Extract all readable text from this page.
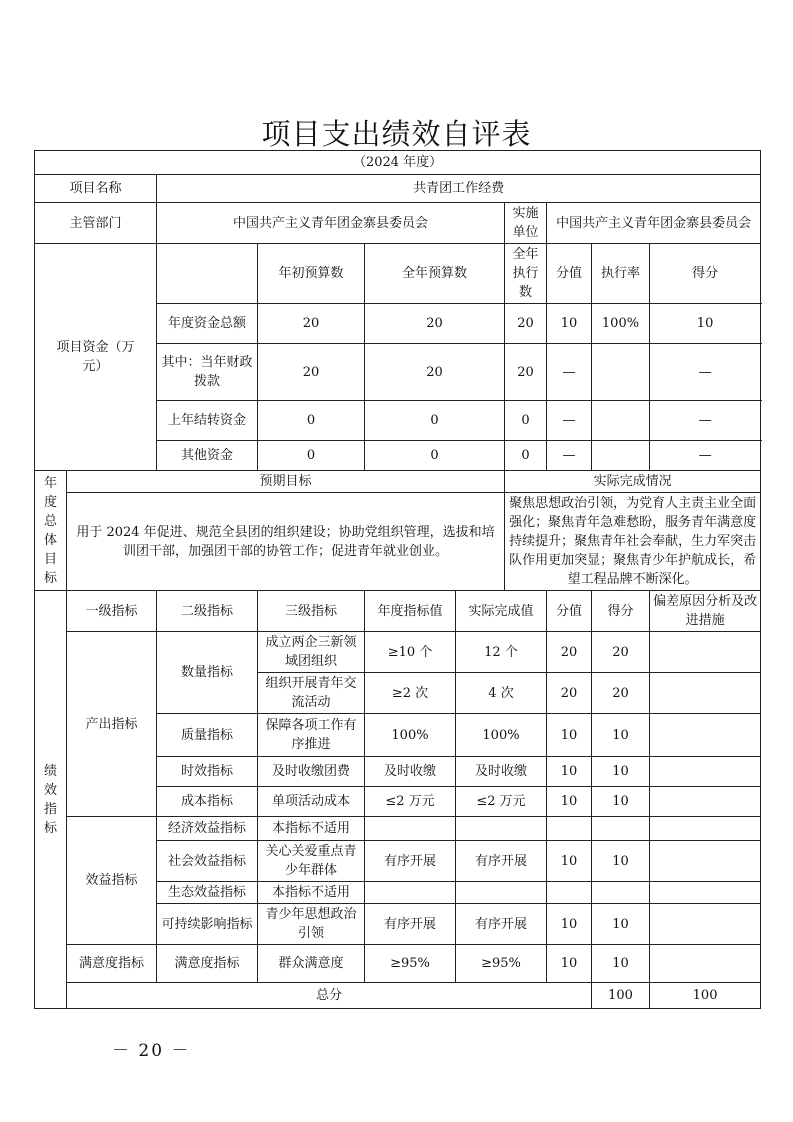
项目支出绩效自评表
（2024 年度）										
项目名称		共青团工作经费								
主管部门		中国共产主义青年团金寨县委员会				实施单位	中国共产主义青年团金寨县委员会			
项目资金（万元）			年初预算数	全年预算数		全年执行数	分值	执行率	得分	
		年度资金总额	20	20		20	10	100%	10	
		其中：当年财政拨款	20	20		20	—		—	
		上年结转资金	0	0		0	—		—	
		其他资金	0	0		0	—		—	
年度总体目标	预期目标					实际完成情况				
	用于 2024 年促进、规范全县团的组织建设；协助党组织管理，选拔和培训团干部，加强团干部的协管工作；促进青年就业创业。					聚焦思想政治引领，为党育人主责主业全面强化；聚焦青年急难愁盼，服务青年满意度持续提升；聚焦青年社会奉献，生力军突击队作用更加突显；聚焦青少年护航成长，希望工程品牌不断深化。				
绩效指标	一级指标	二级指标	三级指标	年度指标值	实际完成值		分值	得分	偏差原因分析及改进措施	
	产出指标	数量指标	成立两企三新领域团组织	≥10 个	12 个		20	20		
			组织开展青年交流活动	≥2 次	4 次		20	20		
		质量指标	保障各项工作有序推进	100%	100%		10	10		
		时效指标	及时收缴团费	及时收缴	及时收缴		10	10		
		成本指标	单项活动成本	≤2 万元	≤2 万元		10	10		
	效益指标	经济效益指标	本指标不适用							
		社会效益指标	关心关爱重点青少年群体	有序开展	有序开展		10	10		
		生态效益指标	本指标不适用							
		可持续影响指标	青少年思想政治引领	有序开展	有序开展		10	10		
	满意度指标	满意度指标	群众满意度	≥95%	≥95%		10	10		
	总分							100	100	
－ 20 －
